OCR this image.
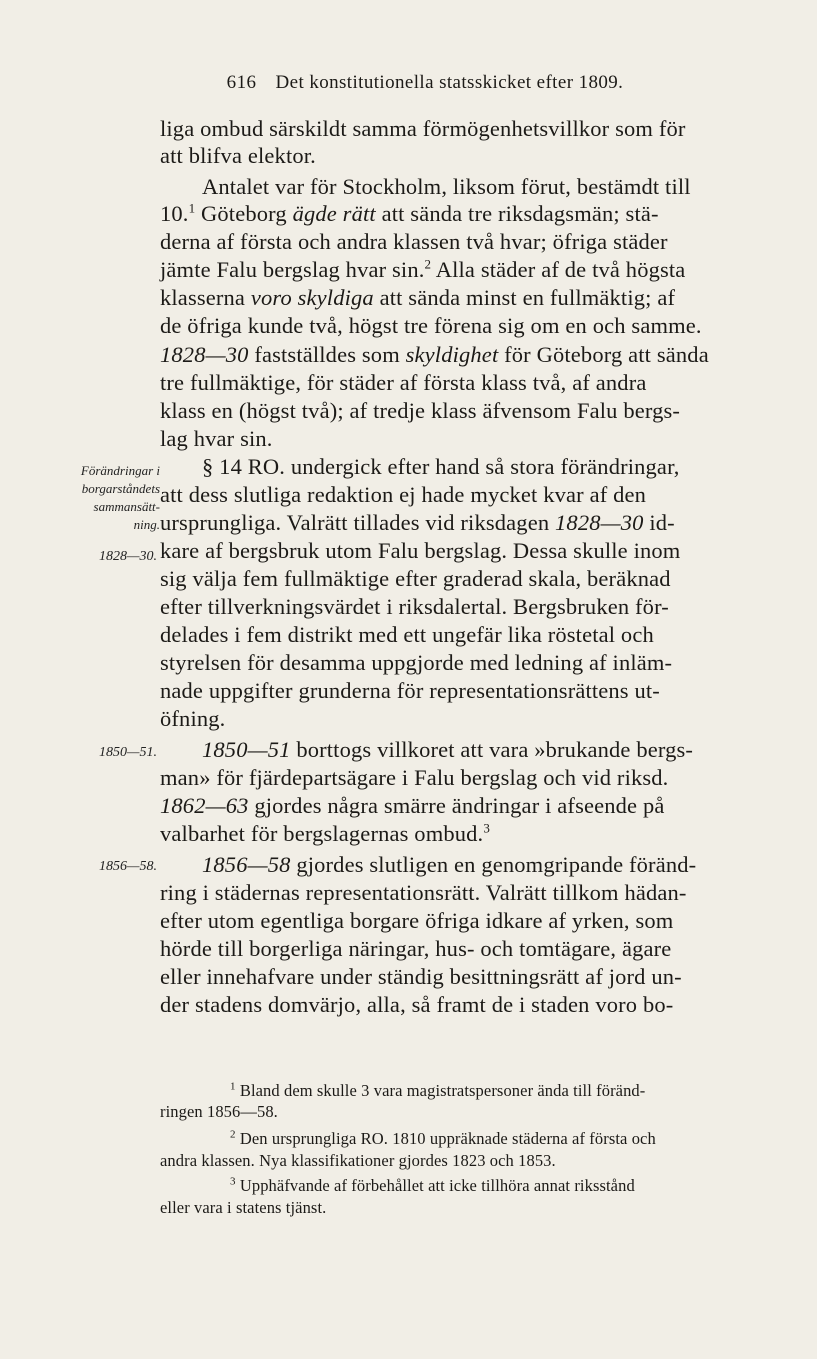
616 Det konstitutionella statsskicket efter 1809.
liga ombud särskildt samma förmögenhetsvillkor som för
att blifva elektor.
Antalet var för Stockholm, liksom förut, bestämdt till
10.$^1$ Göteborg ägde rätt att sända tre riksdagsmän; stä-
derna af första och andra klassen två hvar; öfriga städer
jämte Falu bergslag hvar sin.$^2$ Alla städer af de två högsta
klasserna voro skyldiga att sända minst en fullmäktig; af
de öfriga kunde två, högst tre förena sig om en och samme.
1828—30 fastställdes som skyldighet för Göteborg att sända
tre fullmäktige, för städer af första klass två, af andra
klass en (högst två); af tredje klass äfvensom Falu bergs-
lag hvar sin.
§ 14 RO. undergick efter hand så stora förändringar,
att dess slutliga redaktion ej hade mycket kvar af den
ursprungliga. Valrätt tillades vid riksdagen 1828—30 id-
kare af bergsbruk utom Falu bergslag. Dessa skulle inom
sig välja fem fullmäktige efter graderad skala, beräknad
efter tillverkningsvärdet i riksdalertal. Bergsbruken för-
delades i fem distrikt med ett ungefär lika röstetal och
styrelsen för desamma uppgjorde med ledning af inläm-
nade uppgifter grunderna för representationsrättens ut-
öfning.
1850—51 borttogs villkoret att vara »brukande bergs-
man» för fjärdepartsägare i Falu bergslag och vid riksd.
1862—63 gjordes några smärre ändringar i afseende på
valbarhet för bergslagernas ombud.$^3$
1856—58 gjordes slutligen en genomgripande föränd-
ring i städernas representationsrätt. Valrätt tillkom hädan-
efter utom egentliga borgare öfriga idkare af yrken, som
hörde till borgerliga näringar, hus- och tomtägare, ägare
eller innehafvare under ständig besittningsrätt af jord un-
der stadens domvärjo, alla, så framt de i staden voro bo-
Förändringar i
borgarståndets
sammansätt-
ning.
1828—30.
1850—51.
1856—58.
$^1$ Bland dem skulle 3 vara magistratspersoner ända till föränd-
ringen 1856—58.
$^2$ Den ursprungliga RO. 1810 uppräknade städerna af första och
andra klassen. Nya klassifikationer gjordes 1823 och 1853.
$^3$ Upphäfvande af förbehållet att icke tillhöra annat riksstånd
eller vara i statens tjänst.
